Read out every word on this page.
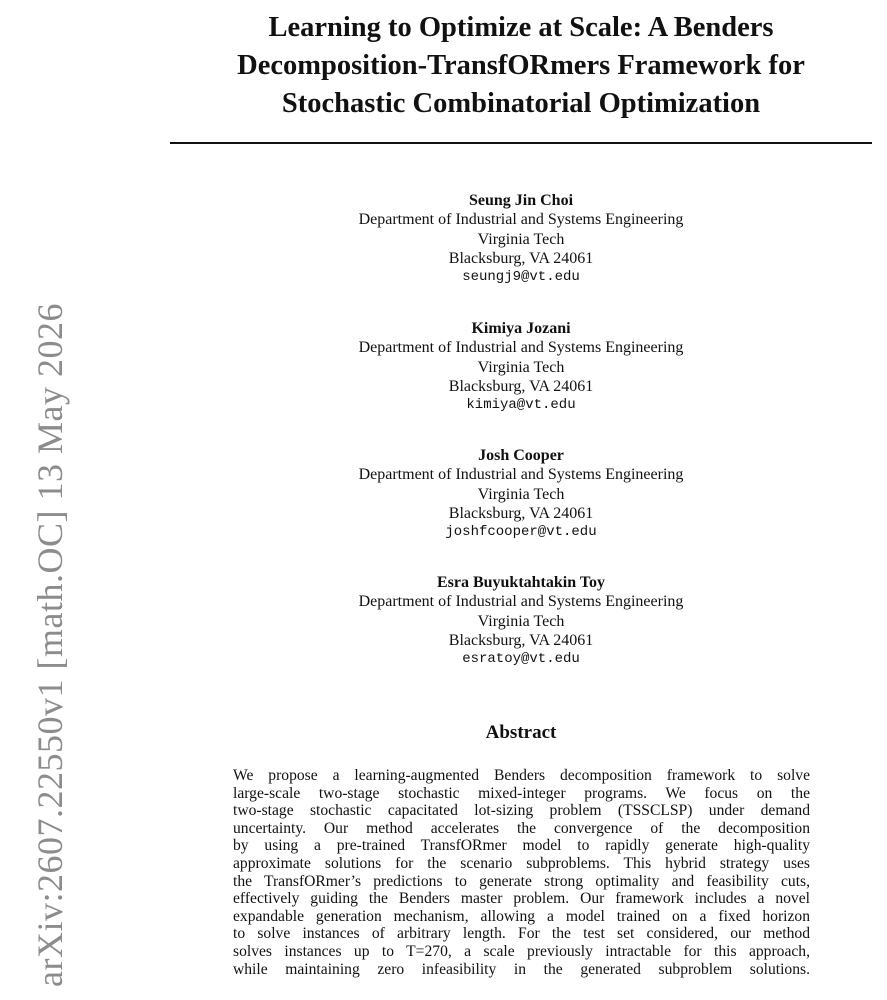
arXiv:2607.22550v1 [math.OC] 13 May 2026
Learning to Optimize at Scale: A Benders
Decomposition-TransfORmers Framework for
Stochastic Combinatorial Optimization
Seung Jin Choi
Department of Industrial and Systems Engineering
Virginia Tech
Blacksburg, VA 24061
seungj9@vt.edu
Kimiya Jozani
Department of Industrial and Systems Engineering
Virginia Tech
Blacksburg, VA 24061
kimiya@vt.edu
Josh Cooper
Department of Industrial and Systems Engineering
Virginia Tech
Blacksburg, VA 24061
joshfcooper@vt.edu
Esra Buyuktahtakin Toy
Department of Industrial and Systems Engineering
Virginia Tech
Blacksburg, VA 24061
esratoy@vt.edu
Abstract
We propose a learning-augmented Benders decomposition framework to solve
large-scale two-stage stochastic mixed-integer programs. We focus on the
two-stage stochastic capacitated lot-sizing problem (TSSCLSP) under demand
uncertainty. Our method accelerates the convergence of the decomposition
by using a pre-trained TransfORmer model to rapidly generate high-quality
approximate solutions for the scenario subproblems. This hybrid strategy uses
the TransfORmer’s predictions to generate strong optimality and feasibility cuts,
effectively guiding the Benders master problem. Our framework includes a novel
expandable generation mechanism, allowing a model trained on a fixed horizon
to solve instances of arbitrary length. For the test set considered, our method
solves instances up to T=270, a scale previously intractable for this approach,
while maintaining zero infeasibility in the generated subproblem solutions.
